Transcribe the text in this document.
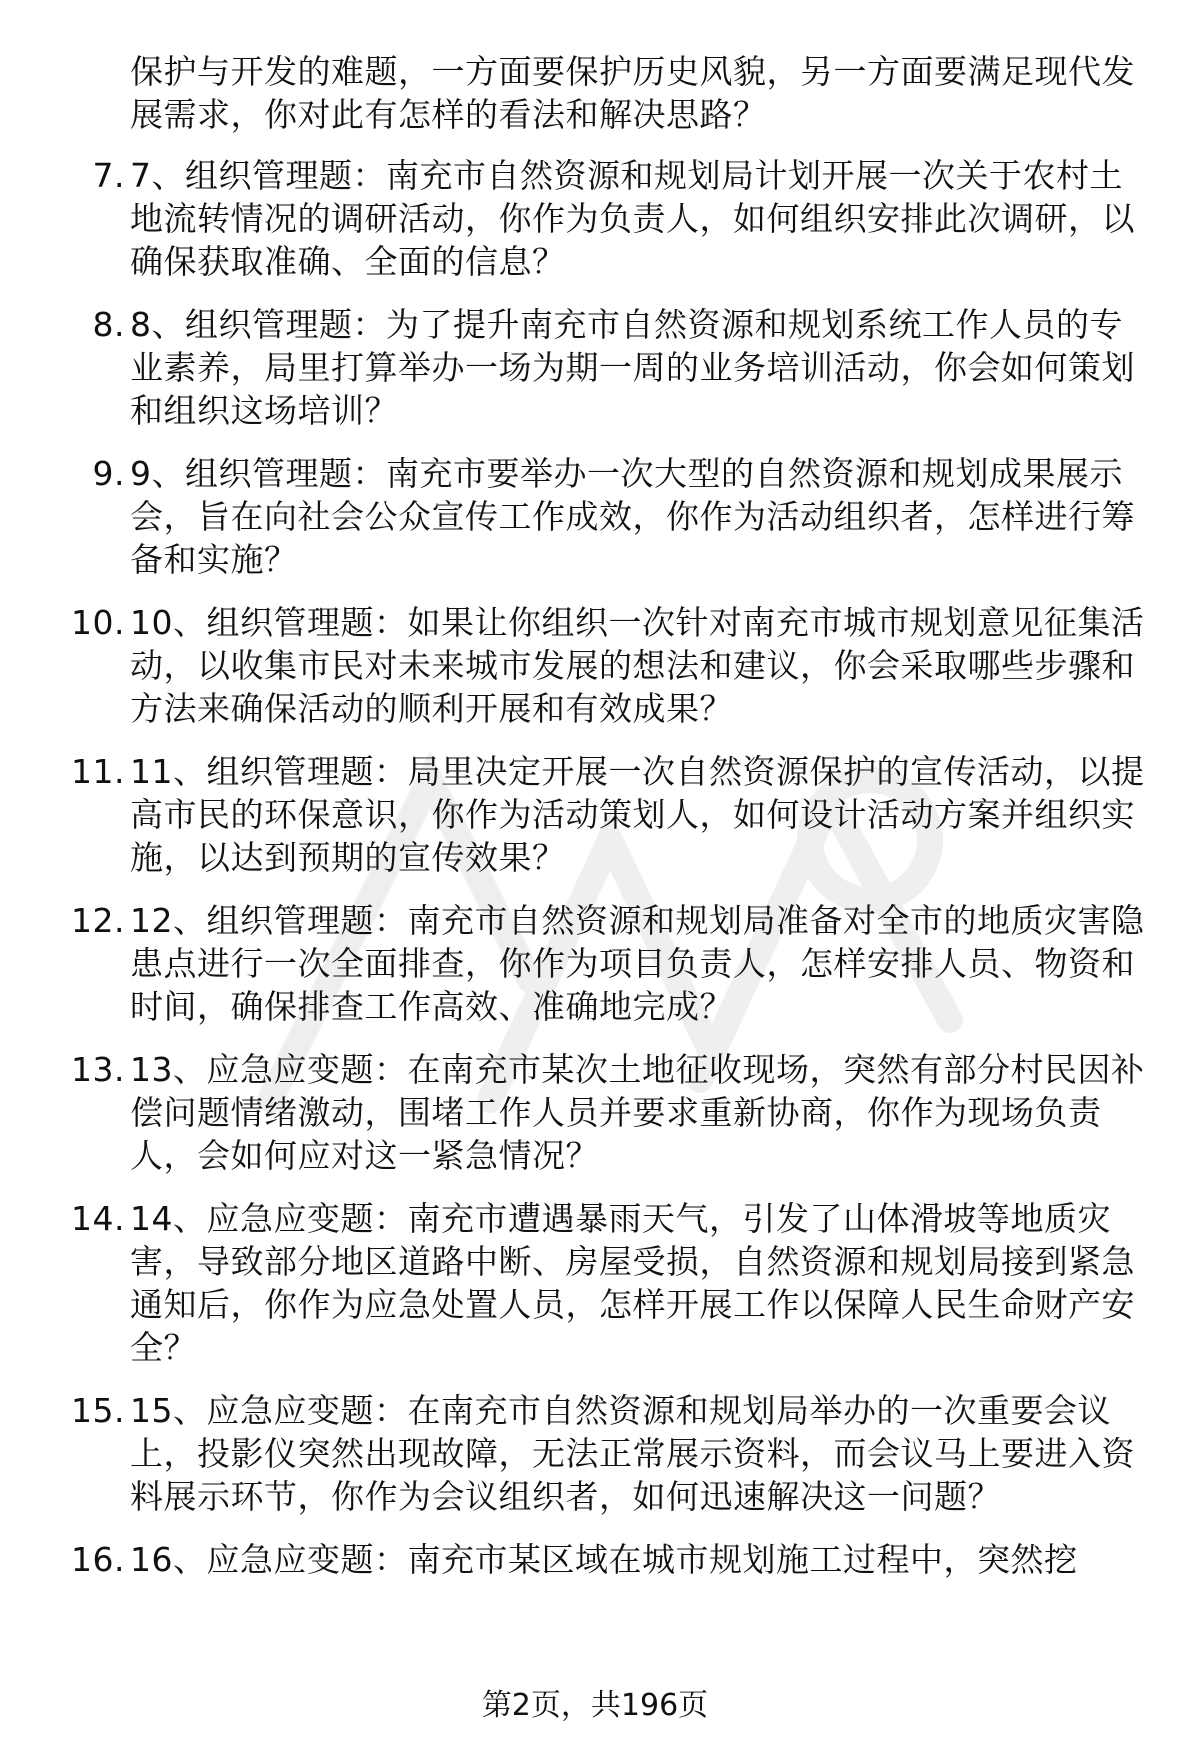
保护与开发的难题，一方面要保护历史风貌，另一方面要满足现代发展需求，你对此有怎样的看法和解决思路？

7. 7、组织管理题：南充市自然资源和规划局计划开展一次关于农村土地流转情况的调研活动，你作为负责人，如何组织安排此次调研，以确保获取准确、全面的信息？
8. 8、组织管理题：为了提升南充市自然资源和规划系统工作人员的专业素养，局里打算举办一场为期一周的业务培训活动，你会如何策划和组织这场培训？
9. 9、组织管理题：南充市要举办一次大型的自然资源和规划成果展示会，旨在向社会公众宣传工作成效，你作为活动组织者，怎样进行筹备和实施？
10. 10、组织管理题：如果让你组织一次针对南充市城市规划意见征集活动，以收集市民对未来城市发展的想法和建议，你会采取哪些步骤和方法来确保活动的顺利开展和有效成果？
11. 11、组织管理题：局里决定开展一次自然资源保护的宣传活动，以提高市民的环保意识，你作为活动策划人，如何设计活动方案并组织实施，以达到预期的宣传效果？
12. 12、组织管理题：南充市自然资源和规划局准备对全市的地质灾害隐患点进行一次全面排查，你作为项目负责人，怎样安排人员、物资和时间，确保排查工作高效、准确地完成？
13. 13、应急应变题：在南充市某次土地征收现场，突然有部分村民因补偿问题情绪激动，围堵工作人员并要求重新协商，你作为现场负责人，会如何应对这一紧急情况？
14. 14、应急应变题：南充市遭遇暴雨天气，引发了山体滑坡等地质灾害，导致部分地区道路中断、房屋受损，自然资源和规划局接到紧急通知后，你作为应急处置人员，怎样开展工作以保障人民生命财产安全？
15. 15、应急应变题：在南充市自然资源和规划局举办的一次重要会议上，投影仪突然出现故障，无法正常展示资料，而会议马上要进入资料展示环节，你作为会议组织者，如何迅速解决这一问题？
16. 16、应急应变题：南充市某区域在城市规划施工过程中，突然挖
第2页，共196页
